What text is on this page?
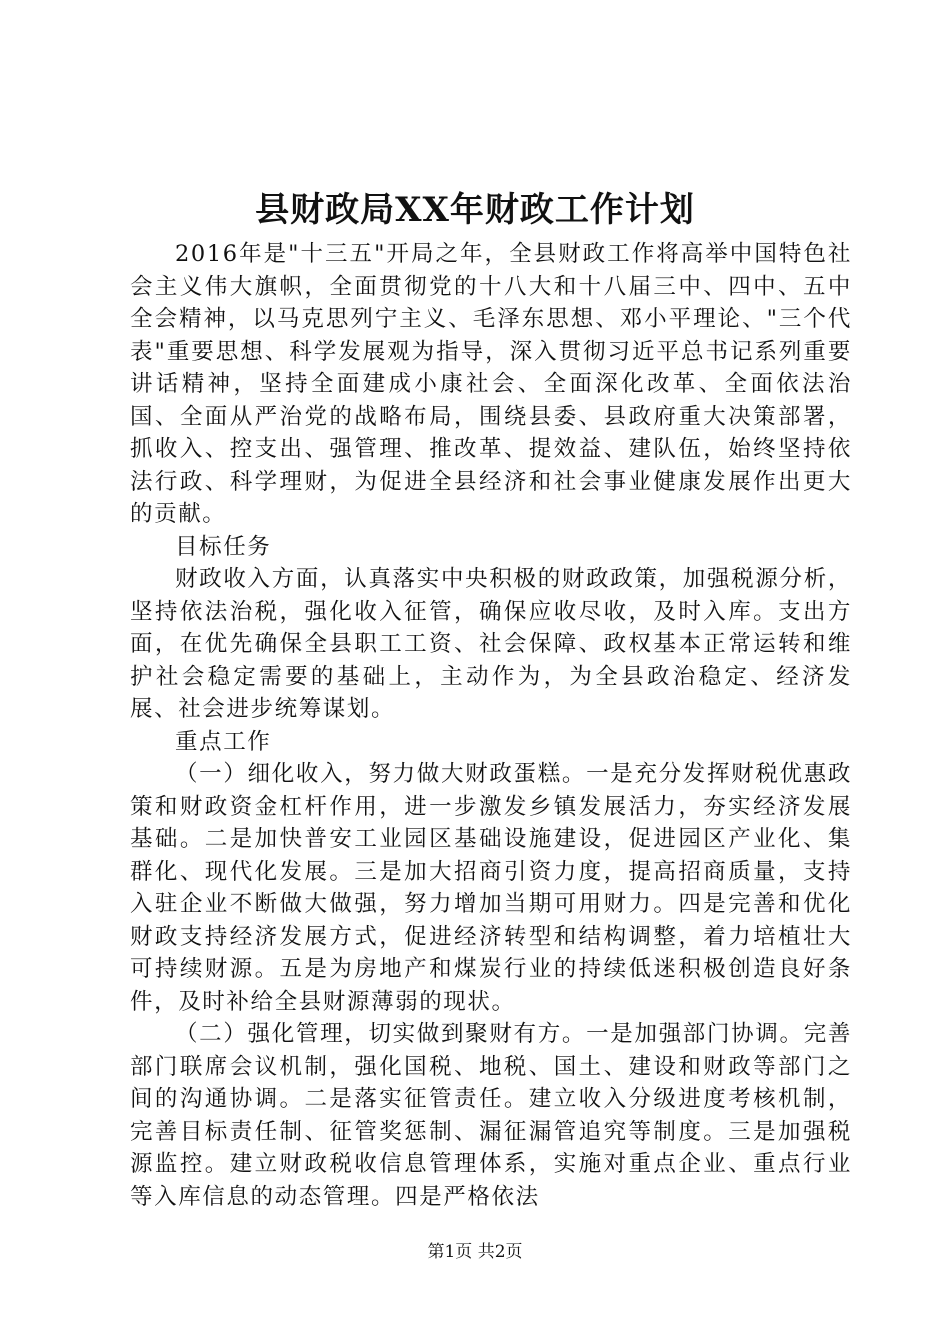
县财政局XX年财政工作计划

2016年是"十三五"开局之年，全县财政工作将高举中国特色社会主义伟大旗帜，全面贯彻党的十八大和十八届三中、四中、五中全会精神，以马克思列宁主义、毛泽东思想、邓小平理论、"三个代表"重要思想、科学发展观为指导，深入贯彻习近平总书记系列重要讲话精神，坚持全面建成小康社会、全面深化改革、全面依法治国、全面从严治党的战略布局，围绕县委、县政府重大决策部署，抓收入、控支出、强管理、推改革、提效益、建队伍，始终坚持依法行政、科学理财，为促进全县经济和社会事业健康发展作出更大的贡献。

目标任务

财政收入方面，认真落实中央积极的财政政策，加强税源分析，坚持依法治税，强化收入征管，确保应收尽收，及时入库。支出方面，在优先确保全县职工工资、社会保障、政权基本正常运转和维护社会稳定需要的基础上，主动作为，为全县政治稳定、经济发展、社会进步统筹谋划。

重点工作

（一）细化收入，努力做大财政蛋糕。一是充分发挥财税优惠政策和财政资金杠杆作用，进一步激发乡镇发展活力，夯实经济发展基础。二是加快普安工业园区基础设施建设，促进园区产业化、集群化、现代化发展。三是加大招商引资力度，提高招商质量，支持入驻企业不断做大做强，努力增加当期可用财力。四是完善和优化财政支持经济发展方式，促进经济转型和结构调整，着力培植壮大可持续财源。五是为房地产和煤炭行业的持续低迷积极创造良好条件，及时补给全县财源薄弱的现状。

（二）强化管理，切实做到聚财有方。一是加强部门协调。完善部门联席会议机制，强化国税、地税、国土、建设和财政等部门之间的沟通协调。二是落实征管责任。建立收入分级进度考核机制，完善目标责任制、征管奖惩制、漏征漏管追究等制度。三是加强税源监控。建立财政税收信息管理体系，实施对重点企业、重点行业等入库信息的动态管理。四是严格依法

第1页 共2页
